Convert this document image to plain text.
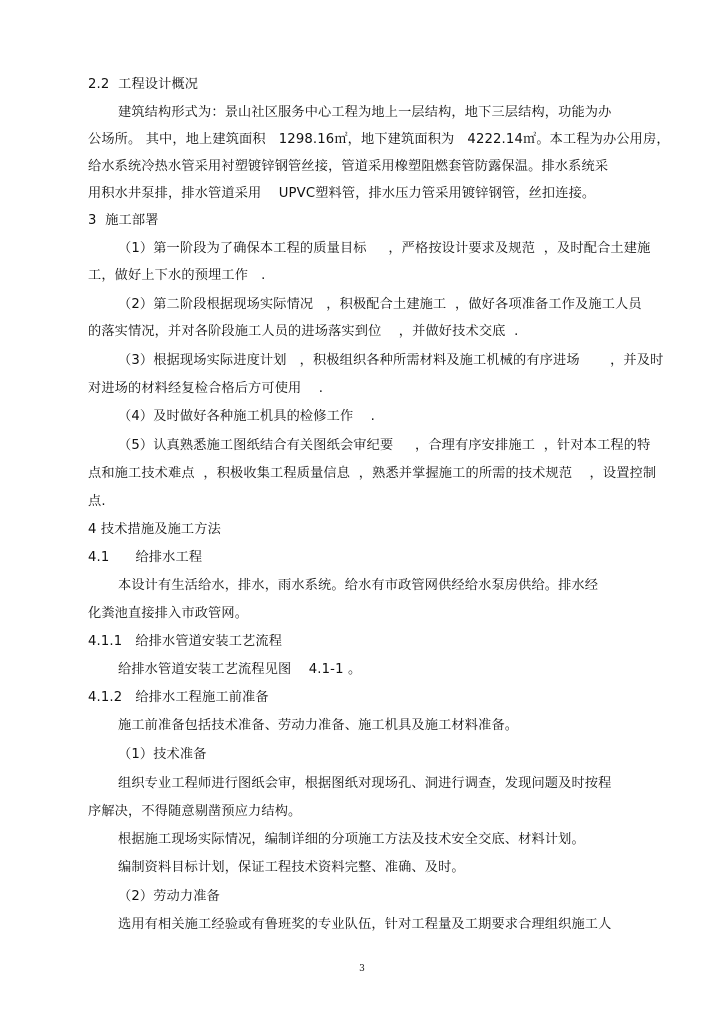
2.2  工程设计概况
建筑结构形式为：景山社区服务中心工程为地上一层结构，地下三层结构，功能为办
公场所。 其中，地上建筑面积   1298.16㎡，地下建筑面积为   4222.14㎡。本工程为办公用房，
给水系统冷热水管采用衬塑镀锌钢管丝接，管道采用橡塑阻燃套管防露保温。排水系统采
用积水井泵排，排水管道采用    UPVC塑料管，排水压力管采用镀锌钢管，丝扣连接。
3  施工部署
（1）第一阶段为了确保本工程的质量目标     ，严格按设计要求及规范  ，及时配合土建施
工，做好上下水的预埋工作   .
（2）第二阶段根据现场实际情况   ，积极配合土建施工  ，做好各项准备工作及施工人员
的落实情况，并对各阶段施工人员的进场落实到位    ，并做好技术交底  .
（3）根据现场实际进度计划   ，积极组织各种所需材料及施工机械的有序进场       ，并及时
对进场的材料经复检合格后方可使用    .
（4）及时做好各种施工机具的检修工作    .
（5）认真熟悉施工图纸结合有关图纸会审纪要     ，合理有序安排施工  ，针对本工程的特
点和施工技术难点  ，积极收集工程质量信息  ，熟悉并掌握施工的所需的技术规范    ，设置控制
点.
4 技术措施及施工方法
4.1      给排水工程
本设计有生活给水，排水，雨水系统。给水有市政管网供经给水泵房供给。排水经
化粪池直接排入市政管网。
4.1.1   给排水管道安装工艺流程
给排水管道安装工艺流程见图    4.1-1 。
4.1.2   给排水工程施工前准备
施工前准备包括技术准备、劳动力准备、施工机具及施工材料准备。
（1）技术准备
组织专业工程师进行图纸会审，根据图纸对现场孔、洞进行调查，发现问题及时按程
序解决，不得随意剔凿预应力结构。
根据施工现场实际情况，编制详细的分项施工方法及技术安全交底、材料计划。
编制资料目标计划，保证工程技术资料完整、准确、及时。
（2）劳动力准备
选用有相关施工经验或有鲁班奖的专业队伍，针对工程量及工期要求合理组织施工人
3
